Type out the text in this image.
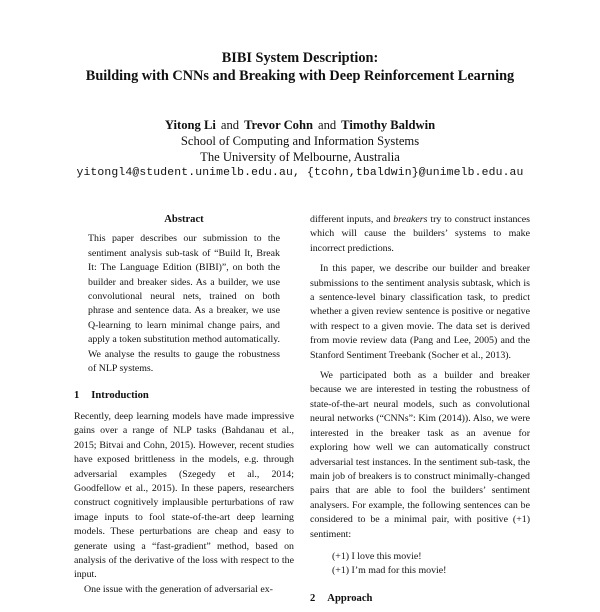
BIBI System Description:
Building with CNNs and Breaking with Deep Reinforcement Learning
Yitong Li and Trevor Cohn and Timothy Baldwin
School of Computing and Information Systems
The University of Melbourne, Australia
yitongl4@student.unimelb.edu.au, {tcohn,tbaldwin}@unimelb.edu.au
Abstract

This paper describes our submission to the sentiment analysis sub-task of “Build It, Break It: The Language Edition (BIBI)”, on both the builder and breaker sides. As a builder, we use convolutional neural nets, trained on both phrase and sentence data. As a breaker, we use Q-learning to learn minimal change pairs, and apply a token substitution method automatically. We analyse the results to gauge the robustness of NLP systems.

1 Introduction

Recently, deep learning models have made impressive gains over a range of NLP tasks (Bahdanau et al., 2015; Bitvai and Cohn, 2015). However, recent studies have exposed brittleness in the models, e.g. through adversarial examples (Szegedy et al., 2014; Goodfellow et al., 2015). In these papers, researchers construct cognitively implausible perturbations of raw image inputs to fool state-of-the-art deep learning models. These perturbations are cheap and easy to generate using a “fast-gradient” method, based on analysis of the derivative of the loss with respect to the input.

One issue with the generation of adversarial ex-

different inputs, and breakers try to construct instances which will cause the builders’ systems to make incorrect predictions.

In this paper, we describe our builder and breaker submissions to the sentiment analysis subtask, which is a sentence-level binary classification task, to predict whether a given review sentence is positive or negative with respect to a given movie. The data set is derived from movie review data (Pang and Lee, 2005) and the Stanford Sentiment Treebank (Socher et al., 2013).

We participated both as a builder and breaker because we are interested in testing the robustness of state-of-the-art neural models, such as convolutional neural networks (“CNNs”: Kim (2014)). Also, we were interested in the breaker task as an avenue for exploring how well we can automatically construct adversarial test instances. In the sentiment sub-task, the main job of breakers is to construct minimally-changed pairs that are able to fool the builders’ sentiment analysers. For example, the following sentences can be considered to be a minimal pair, with positive (+1) sentiment:

(+1) I love this movie!
(+1) I’m mad for this movie!

2 Approach
